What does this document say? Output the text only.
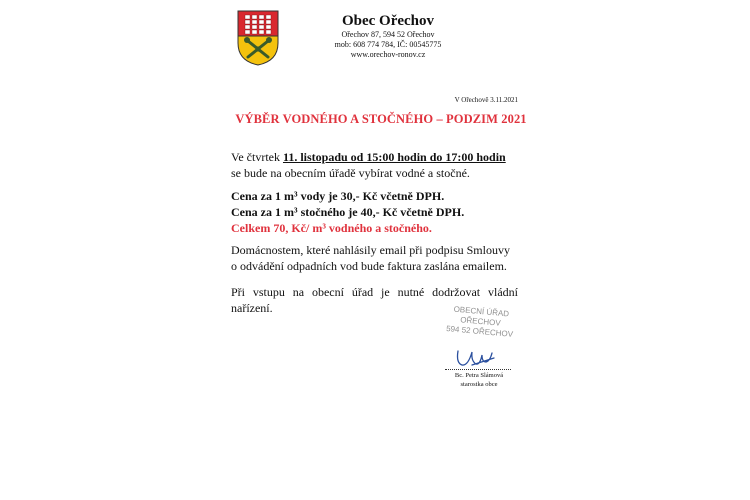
Obec Ořechov
Ořechov 87, 594 52 Ořechov
mob: 608 774 784, IČ: 00545775
www.orechov-ronov.cz
V Ořechově 3.11.2021
VÝBĚR VODNÉHO A STOČNÉHO – PODZIM 2021
Ve čtvrtek 11. listopadu od 15:00 hodin do 17:00 hodin se bude na obecním úřadě vybírat vodné a stočné.
Cena za 1 m³ vody je 30,- Kč včetně DPH.
Cena za 1 m³ stočného je 40,- Kč včetně DPH.
Celkem 70, Kč/ m³ vodného a stočného.
Domácnostem, které nahlásily email při podpisu Smlouvy o odvádění odpadních vod bude faktura zaslána emailem.
Při vstupu na obecní úřad je nutné dodržovat vládní nařízení.	OBECNÍ ÚŘAD
OŘECHOV
594 52 OŘECHOV
Bc. Petra Slámová
starostka obce
